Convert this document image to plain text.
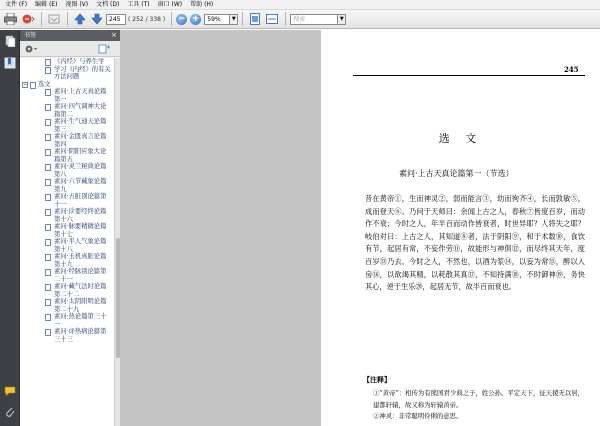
文件 (F)	编辑 (E)	视图 (V)	文档 (D)	工具 (T)	窗口 (W)	帮助 (H)
245	( 252 / 338 ) − +	59%	▼	搜索	▼
书签	×
《内经》与养生学
学习《内经》的有关方法问题
− 选文
素问·上古天真论篇第一
素问·四气调神大论篇第二
素问·生气通天论篇第三
素问·金匮真言论篇第四
素问·阴阳应象大论篇第五
素问·灵兰秘典论篇第八
素问·六节藏象论篇第九
素问·五脏别论篇第十一
素问·诊要经终论篇第十六
素问·脉要精微论篇第十七
素问·平人气象论篇第十八
素问·玉机真脏论篇第十九
素问·经脉别论篇第二十一
素问·藏气法时论篇第二十二
素问·太阴阳明论篇第二十九
素问·热论篇第三十一
素问·评热病论篇第三十三
245
选 文
素问·上古天真论篇第一（节选）
昔在黄帝①，生而神灵②，弱而能言③，幼而徇齐④，长而敦敏⑤，成而登天⑥。乃问于天师曰：余闻上古之人，春秋⑦皆度百岁，而动作不衰；今时之人，年半百而动作皆衰者，时世异耶？人将失之耶？岐伯对曰：上古之人，其知道⑧者，法于阴阳⑨，和于术数⑩，食饮有节，起居有常，不妄作劳⑪，故能形与神俱⑫，而尽终其天年，度百岁⑬乃去。今时之人，不然也，以酒为浆⑭，以妄为常⑮，醉以入房⑯，以欲竭其精，以耗散其真⑰，不知持满⑱，不时御神⑲，务快其心，逆于生乐⑳，起居无节，故半百而衰也。
【注释】
①“黄帝”：相传为有熊国君少典之子，姓公孙。平定天下，征天援无以居，建都轩辕，故又称为轩辕黄帝。
②神灵：非常聪明伶俐的意思。
